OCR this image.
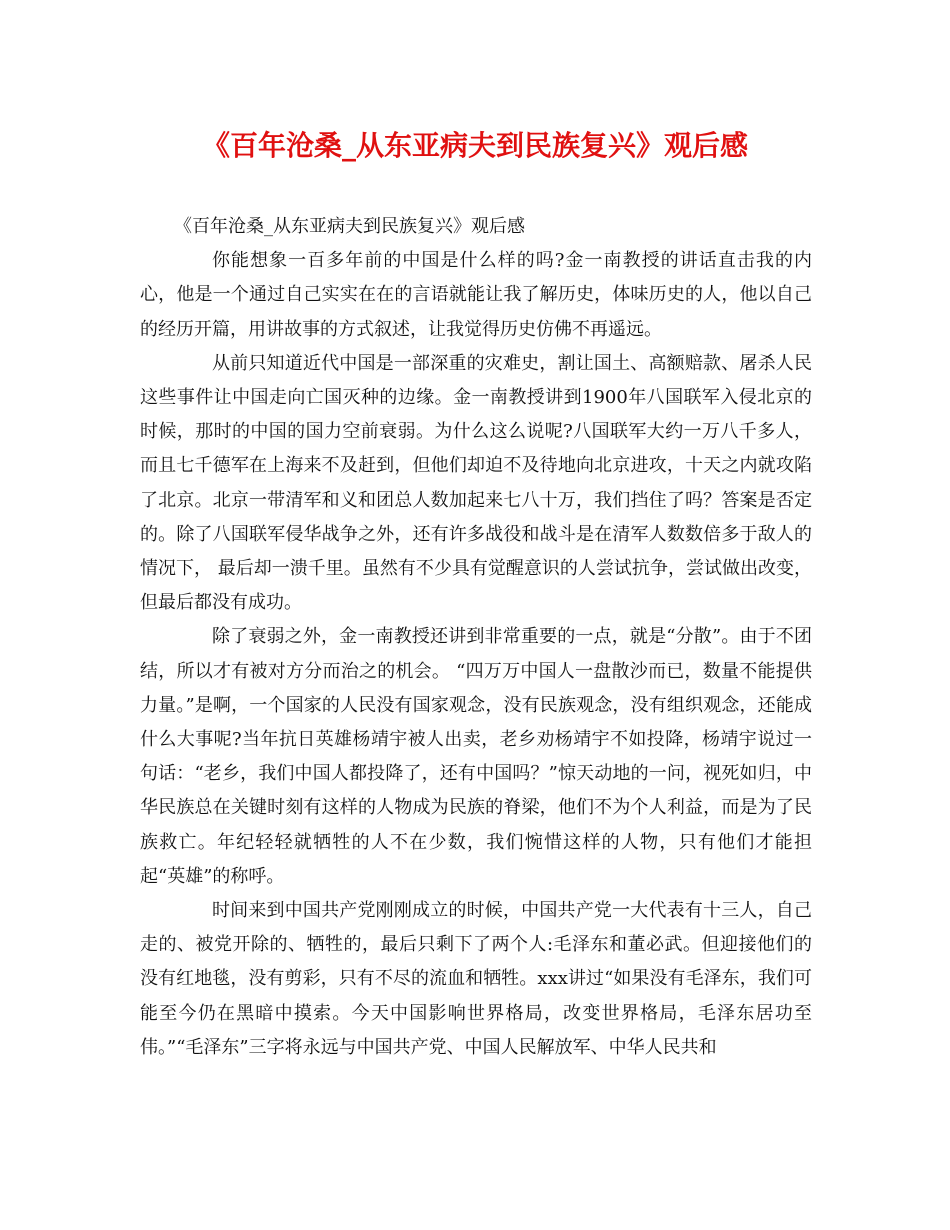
《百年沧桑_从东亚病夫到民族复兴》观后感

《百年沧桑_从东亚病夫到民族复兴》观后感

你能想象一百多年前的中国是什么样的吗?金一南教授的讲话直击我的内心，他是一个通过自己实实在在的言语就能让我了解历史，体味历史的人，他以自己的经历开篇，用讲故事的方式叙述，让我觉得历史仿佛不再遥远。

从前只知道近代中国是一部深重的灾难史，割让国土、高额赔款、屠杀人民这些事件让中国走向亡国灭种的边缘。金一南教授讲到1900年八国联军入侵北京的时候，那时的中国的国力空前衰弱。为什么这么说呢?八国联军大约一万八千多人，而且七千德军在上海来不及赶到，但他们却迫不及待地向北京进攻，十天之内就攻陷了北京。北京一带清军和义和团总人数加起来七八十万，我们挡住了吗？答案是否定的。除了八国联军侵华战争之外，还有许多战役和战斗是在清军人数数倍多于敌人的情况下， 最后却一溃千里。虽然有不少具有觉醒意识的人尝试抗争，尝试做出改变，但最后都没有成功。

除了衰弱之外，金一南教授还讲到非常重要的一点，就是“分散”。由于不团结，所以才有被对方分而治之的机会。 “四万万中国人一盘散沙而已，数量不能提供力量。”是啊，一个国家的人民没有国家观念，没有民族观念，没有组织观念，还能成什么大事呢?当年抗日英雄杨靖宇被人出卖，老乡劝杨靖宇不如投降，杨靖宇说过一句话：“老乡，我们中国人都投降了，还有中国吗？”惊天动地的一问，视死如归，中华民族总在关键时刻有这样的人物成为民族的脊梁，他们不为个人利益，而是为了民族救亡。年纪轻轻就牺牲的人不在少数，我们惋惜这样的人物，只有他们才能担起“英雄”的称呼。

时间来到中国共产党刚刚成立的时候，中国共产党一大代表有十三人，自己走的、被党开除的、牺牲的，最后只剩下了两个人:毛泽东和董必武。但迎接他们的没有红地毯，没有剪彩，只有不尽的流血和牺牲。xxx讲过“如果没有毛泽东，我们可能至今仍在黑暗中摸索。今天中国影响世界格局，改变世界格局，毛泽东居功至伟。”“毛泽东”三字将永远与中国共产党、中国人民解放军、中华人民共和
